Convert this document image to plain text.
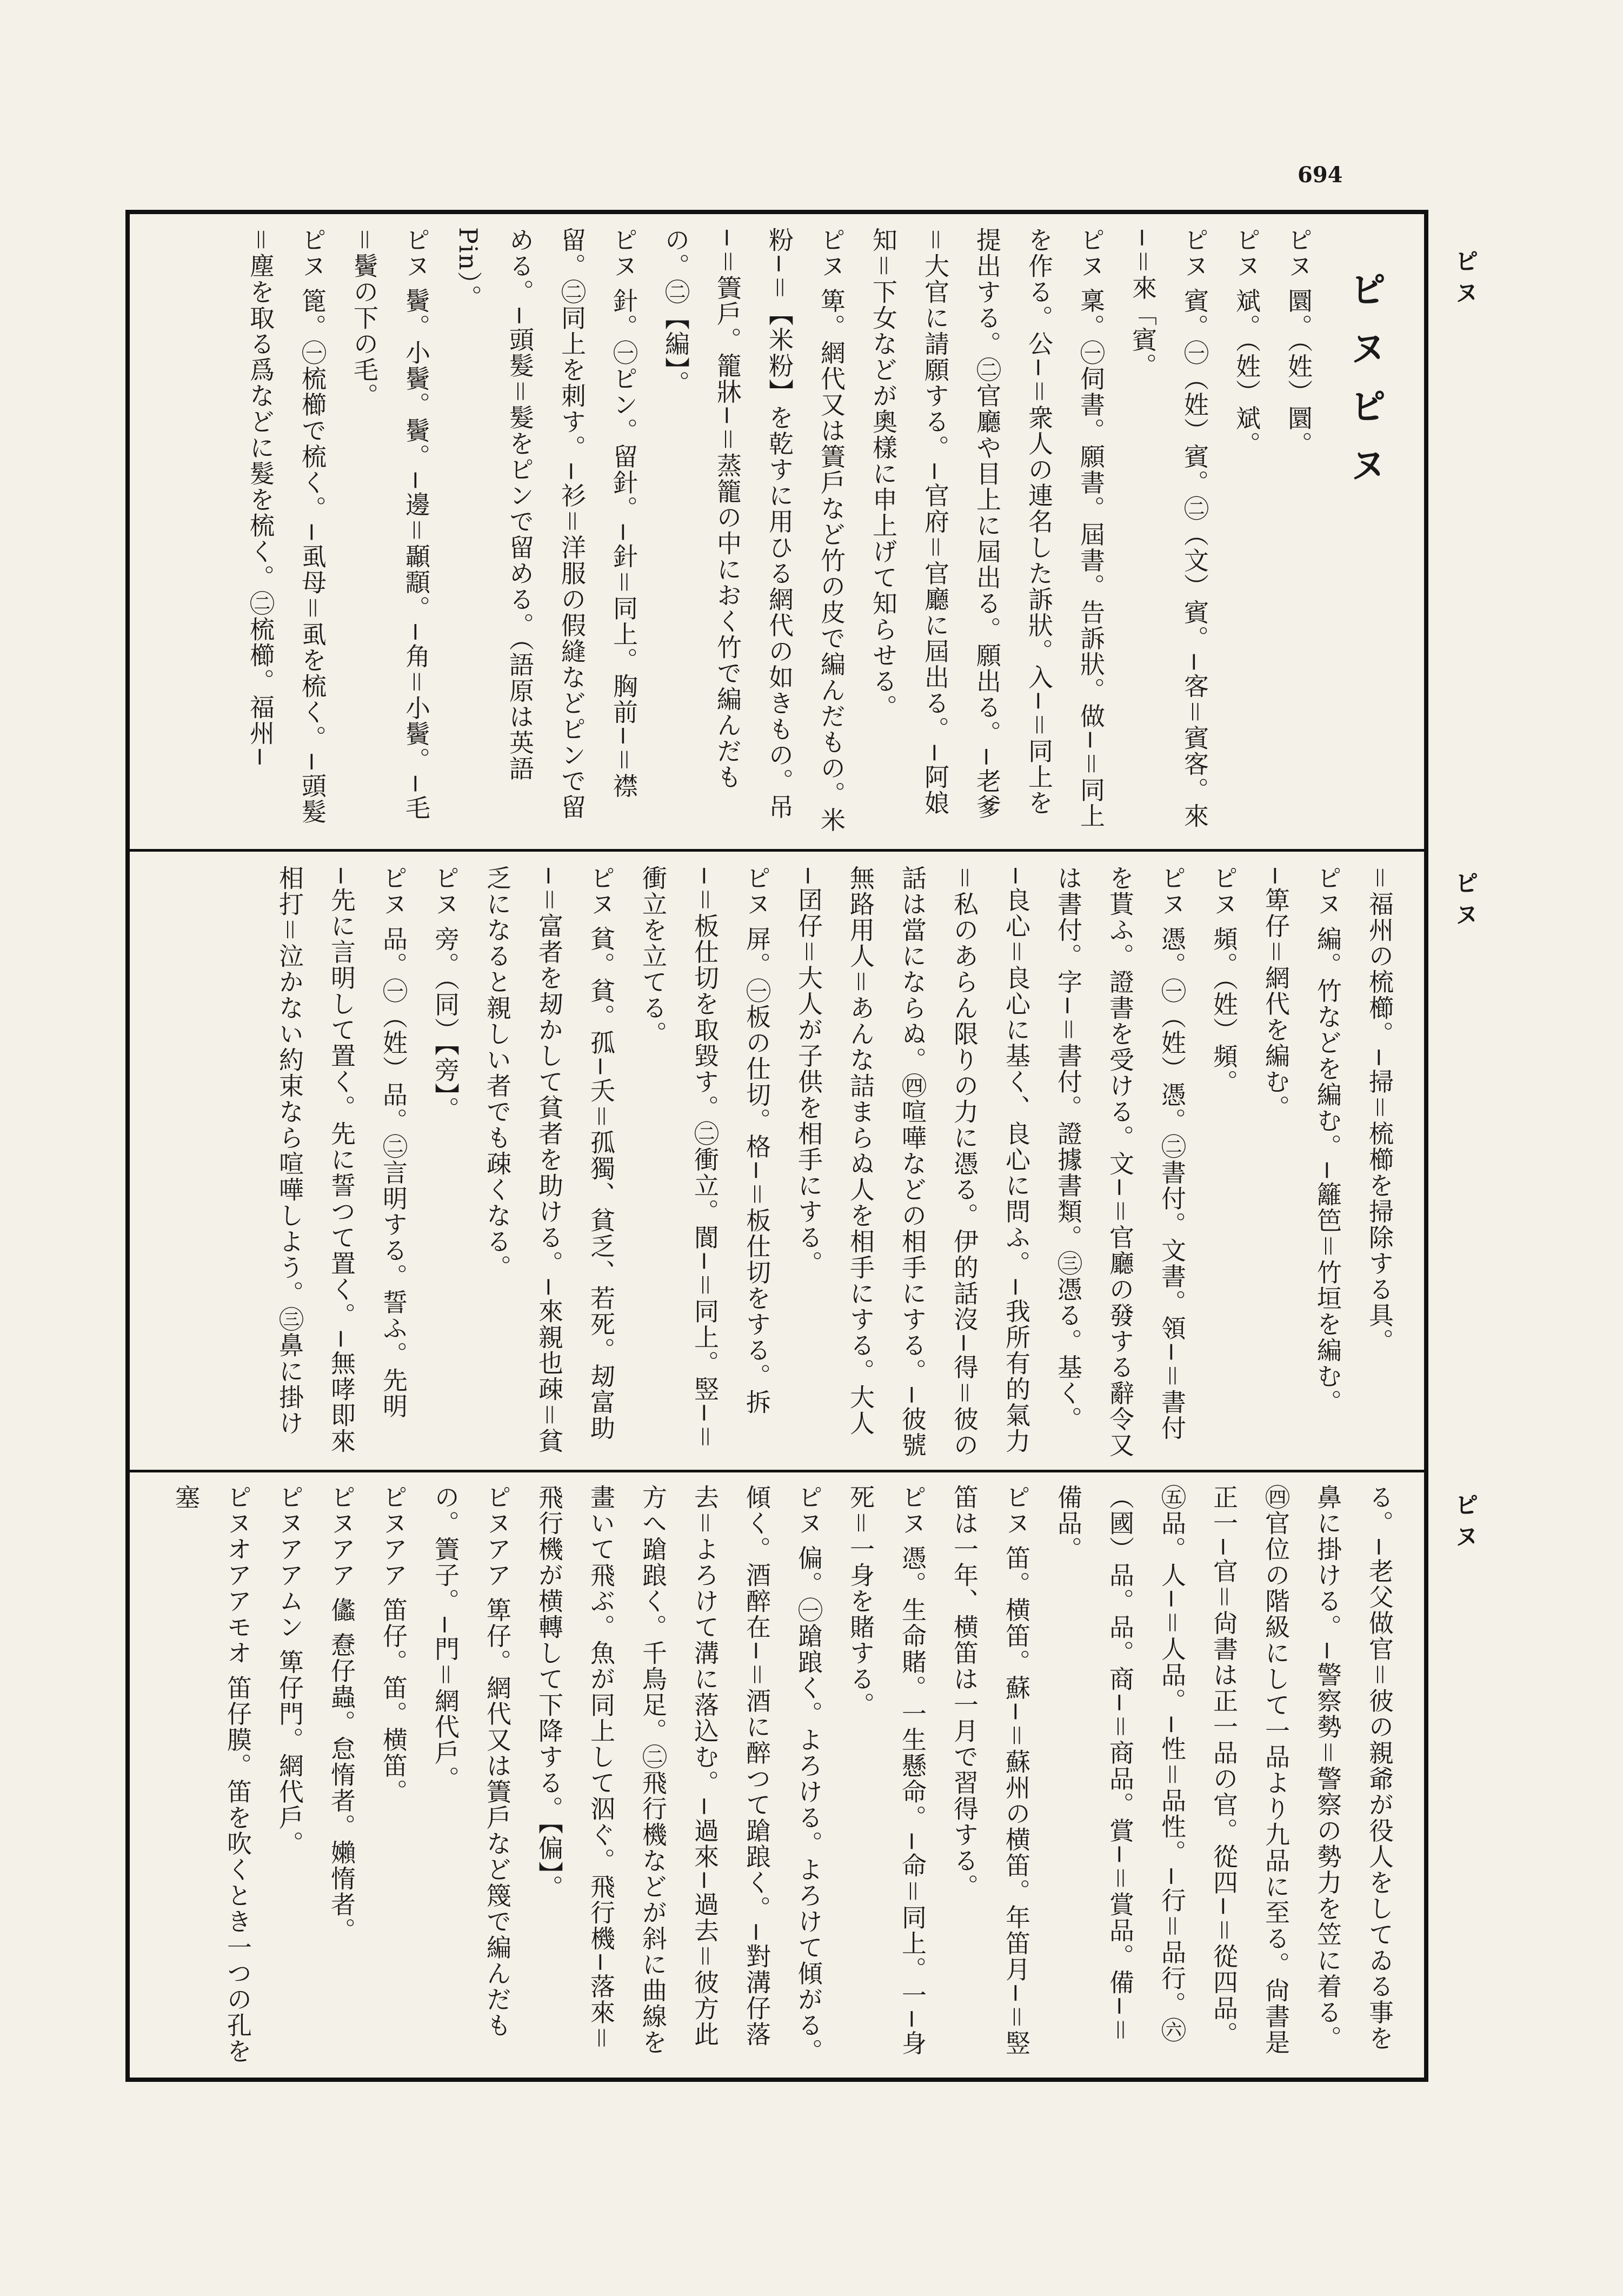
694
ピヌ
ピヌ
ピヌ
ピヌピヌ
ピヌ 圜。（姓）圜。
ピヌ 斌。（姓）斌。
ピヌ 賓。㊀（姓）賓。㊁（文）賓。−客＝賓客。來−＝來「賓。
ピヌ 稟。㊀伺書。願書。屆書。告訴狀。做−＝同上を作る。公−＝衆人の連名した訴狀。入−＝同上を提出する。㊁官廳や目上に屆出る。願出る。−老爹＝大官に請願する。−官府＝官廳に屆出る。−阿娘知＝下女などが奧樣に申上げて知らせる。
ピヌ 箄。網代又は簀戶など竹の皮で編んだもの。米粉−＝【米粉】を乾すに用ひる網代の如きもの。吊−＝簀戶。籠牀−＝蒸籠の中におく竹で編んだもの。㊁【編】。
ピヌ 針。㊀ピン。留針。−針＝同上。胸前−＝襟留。㊁同上を刺す。−衫＝洋服の假縫などピンで留める。−頭髮＝髮をピンで留める。（語原は英語Pin）。
ピヌ 鬢。小鬢。鬢。−邊＝顳顬。−角＝小鬢。−毛＝鬢の下の毛。
ピヌ 篦。㊀梳櫛で梳く。−虱母＝虱を梳く。−頭髮＝塵を取る爲などに髮を梳く。㊁梳櫛。福州−
＝福州の梳櫛。−掃＝梳櫛を掃除する具。
ピヌ 編。竹などを編む。−籬笆＝竹垣を編む。−箄仔＝網代を編む。
ピヌ 頻。（姓）頻。
ピヌ 憑。㊀（姓）憑。㊁書付。文書。領−＝書付を貰ふ。證書を受ける。文−＝官廳の發する辭令又は書付。字−＝書付。證據書類。㊂憑る。基く。−良心＝良心に基く、良心に問ふ。−我所有的氣力＝私のあらん限りの力に憑る。伊的話沒−得＝彼の話は當にならぬ。㊃喧嘩などの相手にする。−彼號無路用人＝あんな詰まらぬ人を相手にする。大人−囝仔＝大人が子供を相手にする。
ピヌ 屏。㊀板の仕切。格−＝板仕切をする。拆−＝板仕切を取毀す。㊁衝立。閬−＝同上。竪−＝衝立を立てる。
ピヌ 貧。貧。孤−夭＝孤獨、貧乏、若死。刼富助−＝富者を刼かして貧者を助ける。−來親也疎＝貧乏になると親しい者でも疎くなる。
ピヌ 旁。（同）【旁】。
ピヌ 品。㊀（姓）品。㊁言明する。誓ふ。先明−先に言明して置く。先に誓つて置く。−無哮即來相打＝泣かない約束なら喧嘩しよう。㊂鼻に掛け
る。−老父做官＝彼の親爺が役人をしてゐる事を鼻に掛ける。−警察勢＝警察の勢力を笠に着る。㊃官位の階級にして一品より九品に至る。尙書是正一−官＝尙書は正一品の官。從四−＝從四品。㊄品。人−＝人品。−性＝品性。−行＝品行。㊅（國）品。品。商−＝商品。賞−＝賞品。備−＝備品。
ピヌ 笛。横笛。蘇−＝蘇州の横笛。年笛月−＝竪笛は一年、横笛は一月で習得する。
ピヌ 憑。生命賭。一生懸命。−命＝同上。一−身死＝一身を賭する。
ピヌ 偏。㊀蹌踉く。よろける。よろけて傾がる。傾く。酒醉在−＝酒に醉つて蹌踉く。−對溝仔落去＝よろけて溝に落込む。−過來−過去＝彼方此方へ蹌踉く。千鳥足。㊁飛行機などが斜に曲線を畫いて飛ぶ。魚が同上して泅ぐ。飛行機−落來＝飛行機が横轉して下降する。【偏】。
ピヌアア 箄仔。網代又は簀戶など篾で編んだもの。簀子。−門＝網代戶。
ピヌアア 笛仔。笛。横笛。
ピヌアア 㒩 憃仔蟲。怠惰者。嬾惰者。
ピヌアアムン 箄仔門。網代戶。
ピヌオアアモオ 笛仔膜。笛を吹くとき一つの孔を塞
